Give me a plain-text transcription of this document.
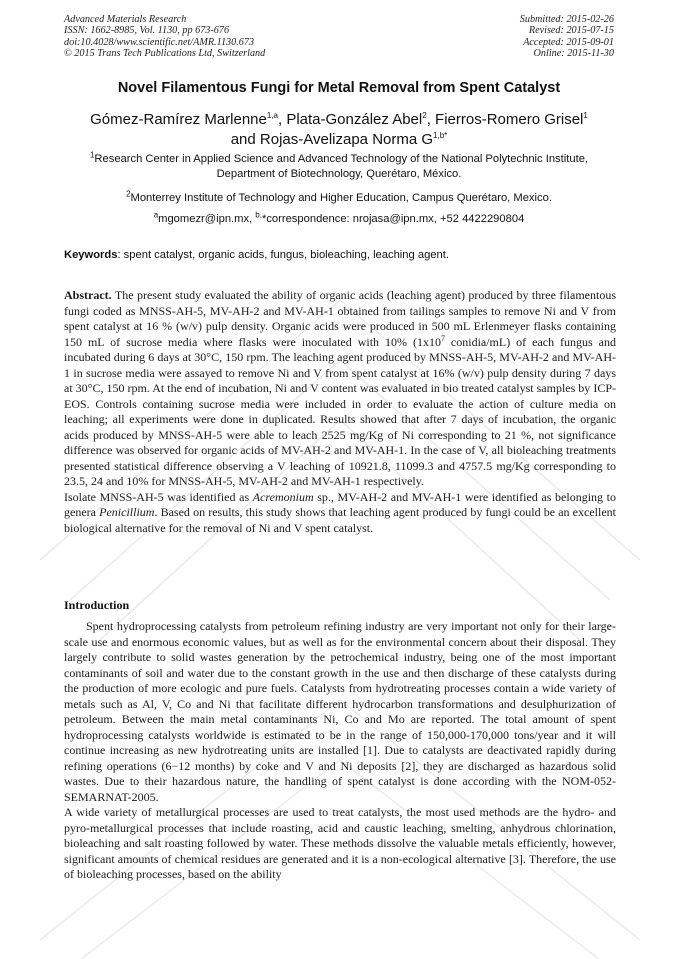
Advanced Materials Research
ISSN: 1662-8985, Vol. 1130, pp 673-676
doi:10.4028/www.scientific.net/AMR.1130.673
© 2015 Trans Tech Publications Ltd, Switzerland
Submitted: 2015-02-26
Revised: 2015-07-15
Accepted: 2015-09-01
Online: 2015-11-30
Novel Filamentous Fungi for Metal Removal from Spent Catalyst
Gómez-Ramírez Marlenne$^{1,a}$, Plata-González Abel$^2$, Fierros-Romero Grisel$^1$
and Rojas-Avelizapa Norma $G^{1,b*}$
$^1$Research Center in Applied Science and Advanced Technology of the National Polytechnic Institute, Department of Biotechnology, Querétaro, México.
$^2$Monterrey Institute of Technology and Higher Education, Campus Querétaro, Mexico.
$^a$mgomezr@ipn.mx, $^{b,}$*correspondence: nrojasa@ipn.mx, +52 4422290804
Keywords: spent catalyst, organic acids, fungus, bioleaching, leaching agent.

Abstract. The present study evaluated the ability of organic acids (leaching agent) produced by three filamentous fungi coded as MNSS-AH-5, MV-AH-2 and MV-AH-1 obtained from tailings samples to remove Ni and V from spent catalyst at 16 % (w/v) pulp density. Organic acids were produced in 500 mL Erlenmeyer flasks containing 150 mL of sucrose media where flasks were inoculated with 10% ($1x10^7$ conidia/mL) of each fungus and incubated during 6 days at 30°C, 150 rpm. The leaching agent produced by MNSS-AH-5, MV-AH-2 and MV-AH-1 in sucrose media were assayed to remove Ni and V from spent catalyst at 16% (w/v) pulp density during 7 days at 30°C, 150 rpm. At the end of incubation, Ni and V content was evaluated in bio treated catalyst samples by ICP-EOS. Controls containing sucrose media were included in order to evaluate the action of culture media on leaching; all experiments were done in duplicated. Results showed that after 7 days of incubation, the organic acids produced by MNSS-AH-5 were able to leach 2525 mg/Kg of Ni corresponding to 21 %, not significance difference was observed for organic acids of MV-AH-2 and MV-AH-1. In the case of V, all bioleaching treatments presented statistical difference observing a V leaching of 10921.8, 11099.3 and 4757.5 mg/Kg corresponding to 23.5, 24 and 10% for MNSS-AH-5, MV-AH-2 and MV-AH-1 respectively.

Isolate MNSS-AH-5 was identified as Acremonium sp., MV-AH-2 and MV-AH-1 were identified as belonging to genera Penicillium. Based on results, this study shows that leaching agent produced by fungi could be an excellent biological alternative for the removal of Ni and V spent catalyst.

Introduction

Spent hydroprocessing catalysts from petroleum refining industry are very important not only for their large-scale use and enormous economic values, but as well as for the environmental concern about their disposal. They largely contribute to solid wastes generation by the petrochemical industry, being one of the most important contaminants of soil and water due to the constant growth in the use and then discharge of these catalysts during the production of more ecologic and pure fuels. Catalysts from hydrotreating processes contain a wide variety of metals such as Al, V, Co and Ni that facilitate different hydrocarbon transformations and desulphurization of petroleum. Between the main metal contaminants Ni, Co and Mo are reported. The total amount of spent hydroprocessing catalysts worldwide is estimated to be in the range of 150,000-170,000 tons/year and it will continue increasing as new hydrotreating units are installed [1]. Due to catalysts are deactivated rapidly during refining operations (6−12 months) by coke and V and Ni deposits [2], they are discharged as hazardous solid wastes. Due to their hazardous nature, the handling of spent catalyst is done according with the NOM-052-SEMARNAT-2005.

A wide variety of metallurgical processes are used to treat catalysts, the most used methods are the hydro- and pyro-metallurgical processes that include roasting, acid and caustic leaching, smelting, anhydrous chlorination, bioleaching and salt roasting followed by water. These methods dissolve the valuable metals efficiently, however, significant amounts of chemical residues are generated and it is a non-ecological alternative [3]. Therefore, the use of bioleaching processes, based on the ability
